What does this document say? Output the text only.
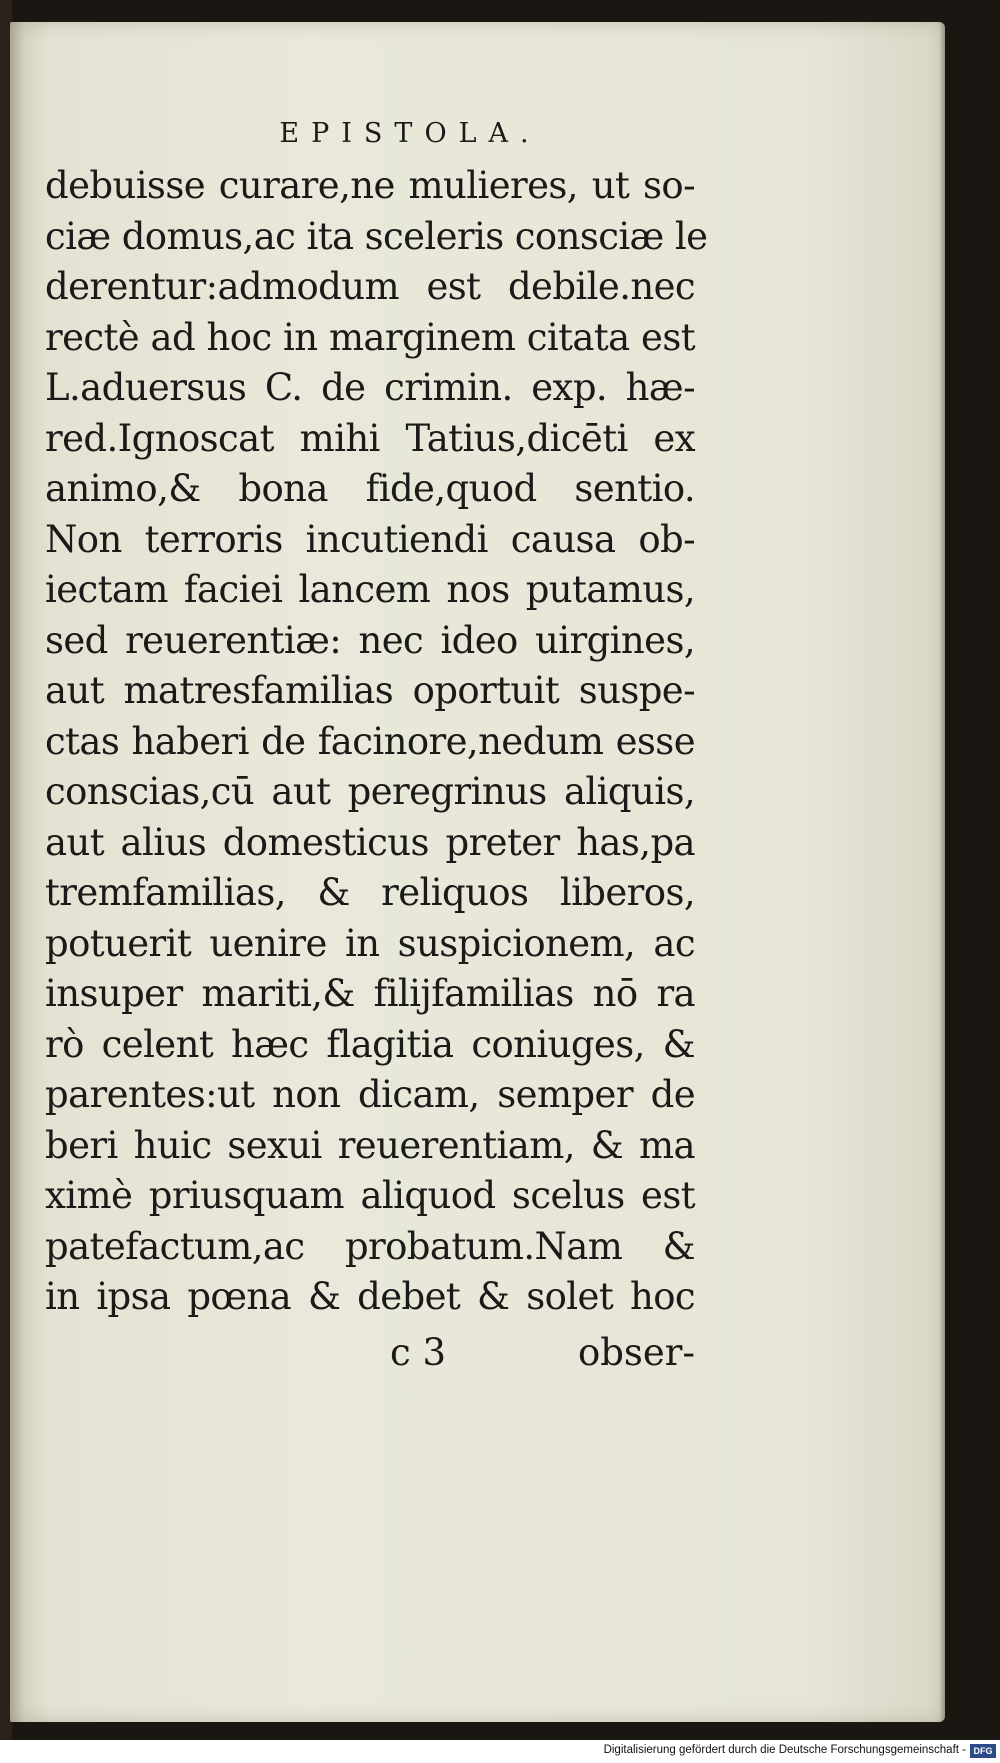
EPISTOLA.
debuisse curare,ne mulieres, ut so-
ciæ domus,ac ita sceleris consciæ le
derentur:admodum est debile.nec
rectè ad hoc in marginem citata est
L.aduersus C. de crimin. exp. hæ-
red.Ignoscat mihi Tatius,dicēti ex
animo,& bona fide,quod sentio.
Non terroris incutiendi causa ob-
iectam faciei lancem nos putamus,
sed reuerentiæ: nec ideo uirgines,
aut matresfamilias oportuit suspe-
ctas haberi de facinore,nedum esse
conscias,cū aut peregrinus aliquis,
aut alius domesticus preter has,pa
tremfamilias, & reliquos liberos,
potuerit uenire in suspicionem, ac
insuper mariti,& filijfamilias nō ra
rò celent hæc flagitia coniuges, &
parentes:ut non dicam, semper de
beri huic sexui reuerentiam, & ma
ximè priusquam aliquod scelus est
patefactum,ac probatum.Nam &
in ipsa pœna & debet & solet hoc
c 3	obser-
Digitalisierung gefördert durch die Deutsche Forschungsgemeinschaft - DFG
